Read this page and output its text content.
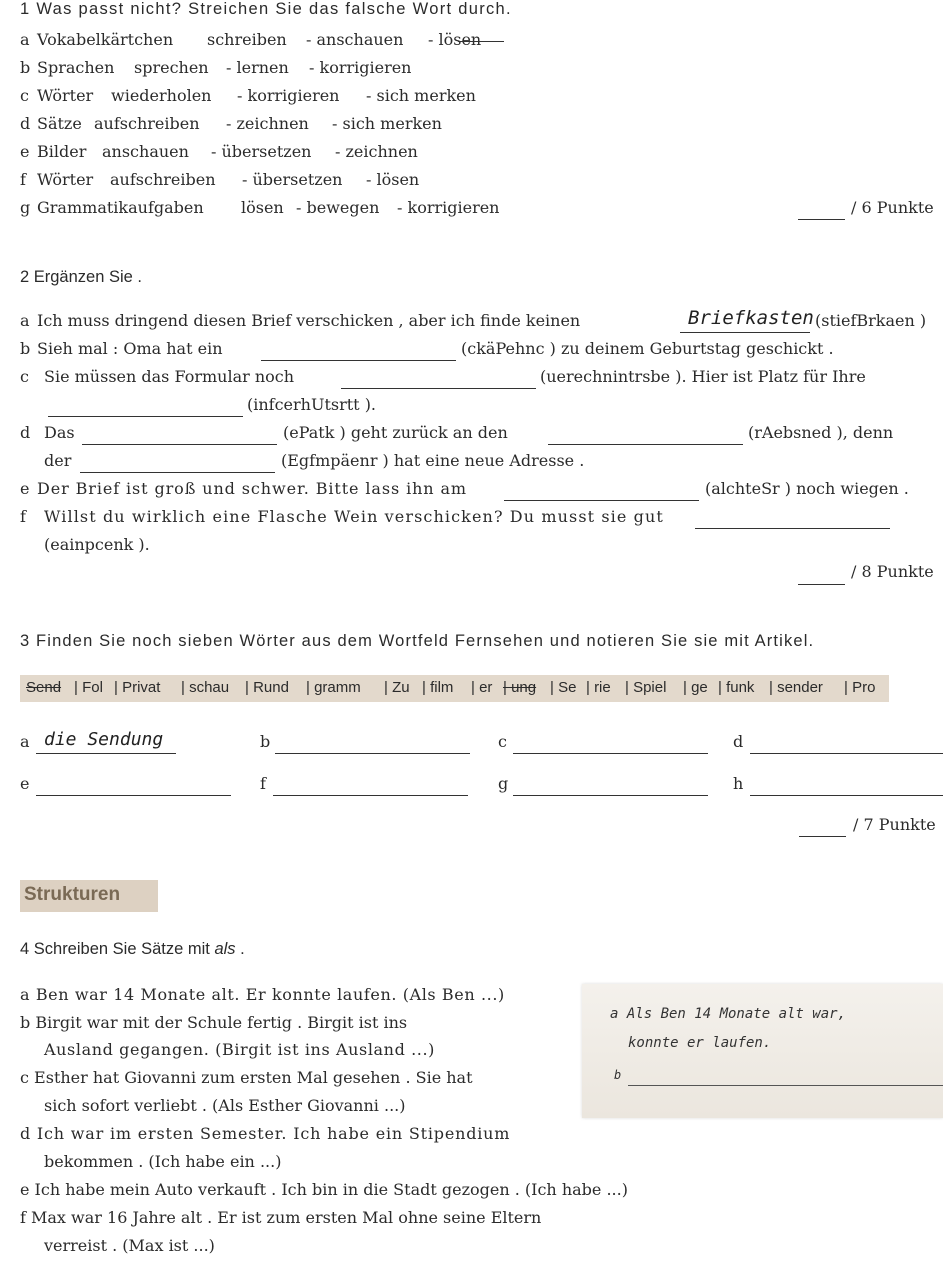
1 Was passt nicht? Streichen Sie das falsche Wort durch.
a Vokabelkärtchen schreiben - anschauen - lösen
b Sprachen sprechen - lernen - korrigieren
c Wörter wiederholen - korrigieren - sich merken
d Sätze aufschreiben - zeichnen - sich merken
e Bilder anschauen - übersetzen - zeichnen
f Wörter aufschreiben - übersetzen - lösen
g Grammatikaufgaben lösen - bewegen - korrigieren	/ 6 Punkte
2 Ergänzen Sie .
a Ich muss dringend diesen Brief verschicken , aber ich finde keinen	Briefkasten (stiefBrkaen )
b Sieh mal : Oma hat ein	(ckäPehnc ) zu deinem Geburtstag geschickt .
c Sie müssen das Formular noch	(uerechnintrsbe ). Hier ist Platz für Ihre
(infcerhUtsrtt ).
d Das	(ePatk ) geht zurück an den	(rAebsned ), denn
der	(Egfmpäenr ) hat eine neue Adresse .
e Der Brief ist groß und schwer. Bitte lass ihn am	(alchteSr ) noch wiegen .
f Willst du wirklich eine Flasche Wein verschicken? Du musst sie gut
(eainpcenk ).
/ 8 Punkte
3 Finden Sie noch sieben Wörter aus dem Wortfeld Fernsehen und notieren Sie sie mit Artikel.
Send | Fol | Privat | schau | Rund | gramm | Zu | film | er | ung | Se | rie | Spiel | ge | funk | sender | Pro
a die Sendung	b	c	d
e	f	g	h
/ 7 Punkte
Strukturen
4 Schreiben Sie Sätze mit als .
a Ben war 14 Monate alt. Er konnte laufen. (Als Ben ...)
b Birgit war mit der Schule fertig . Birgit ist ins
Ausland gegangen. (Birgit ist ins Ausland ...)
c Esther hat Giovanni zum ersten Mal gesehen . Sie hat
sich sofort verliebt . (Als Esther Giovanni ...)
d Ich war im ersten Semester. Ich habe ein Stipendium
bekommen . (Ich habe ein ...)
e Ich habe mein Auto verkauft . Ich bin in die Stadt gezogen . (Ich habe ...)
f Max war 16 Jahre alt . Er ist zum ersten Mal ohne seine Eltern
verreist . (Max ist ...)
a Als Ben 14 Monate alt war,
konnte er laufen.
b
